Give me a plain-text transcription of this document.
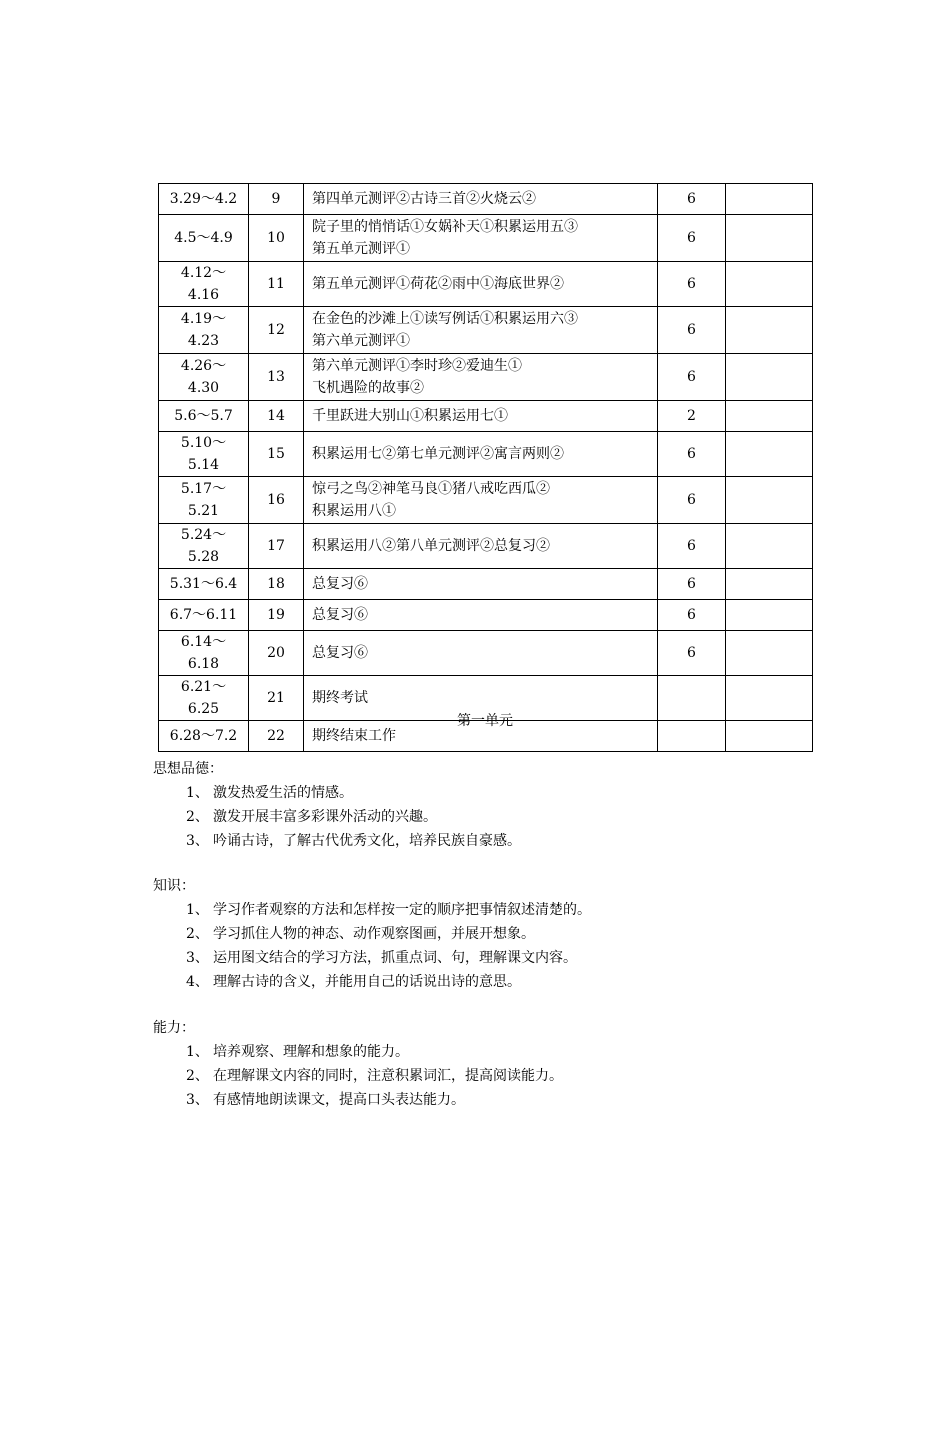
3.29～4.2	9	第四单元测评②古诗三首②火烧云②	6	
4.5～4.9	10	院子里的悄悄话①女娲补天①积累运用五③
第五单元测评①	6	
4.12～4.16	11	第五单元测评①荷花②雨中①海底世界②	6	
4.19～4.23	12	在金色的沙滩上①读写例话①积累运用六③
第六单元测评①	6	
4.26～4.30	13	第六单元测评①李时珍②爱迪生①
飞机遇险的故事②	6	
5.6～5.7	14	千里跃进大别山①积累运用七①	2	
5.10～5.14	15	积累运用七②第七单元测评②寓言两则②	6	
5.17～5.21	16	惊弓之鸟②神笔马良①猪八戒吃西瓜②
积累运用八①	6	
5.24～5.28	17	积累运用八②第八单元测评②总复习②	6	
5.31～6.4	18	总复习⑥	6	
6.7～6.11	19	总复习⑥	6	
6.14～6.18	20	总复习⑥	6	
6.21～6.25	21	期终考试		

6.28～7.2	22	期终结束工作		

第一单元
思想品德：
1、 激发热爱生活的情感。
2、 激发开展丰富多彩课外活动的兴趣。
3、 吟诵古诗，了解古代优秀文化，培养民族自豪感。
知识：
1、 学习作者观察的方法和怎样按一定的顺序把事情叙述清楚的。
2、 学习抓住人物的神态、动作观察图画，并展开想象。
3、 运用图文结合的学习方法，抓重点词、句，理解课文内容。
4、 理解古诗的含义，并能用自己的话说出诗的意思。
能力：
1、 培养观察、理解和想象的能力。
2、 在理解课文内容的同时，注意积累词汇，提高阅读能力。
3、 有感情地朗读课文，提高口头表达能力。
